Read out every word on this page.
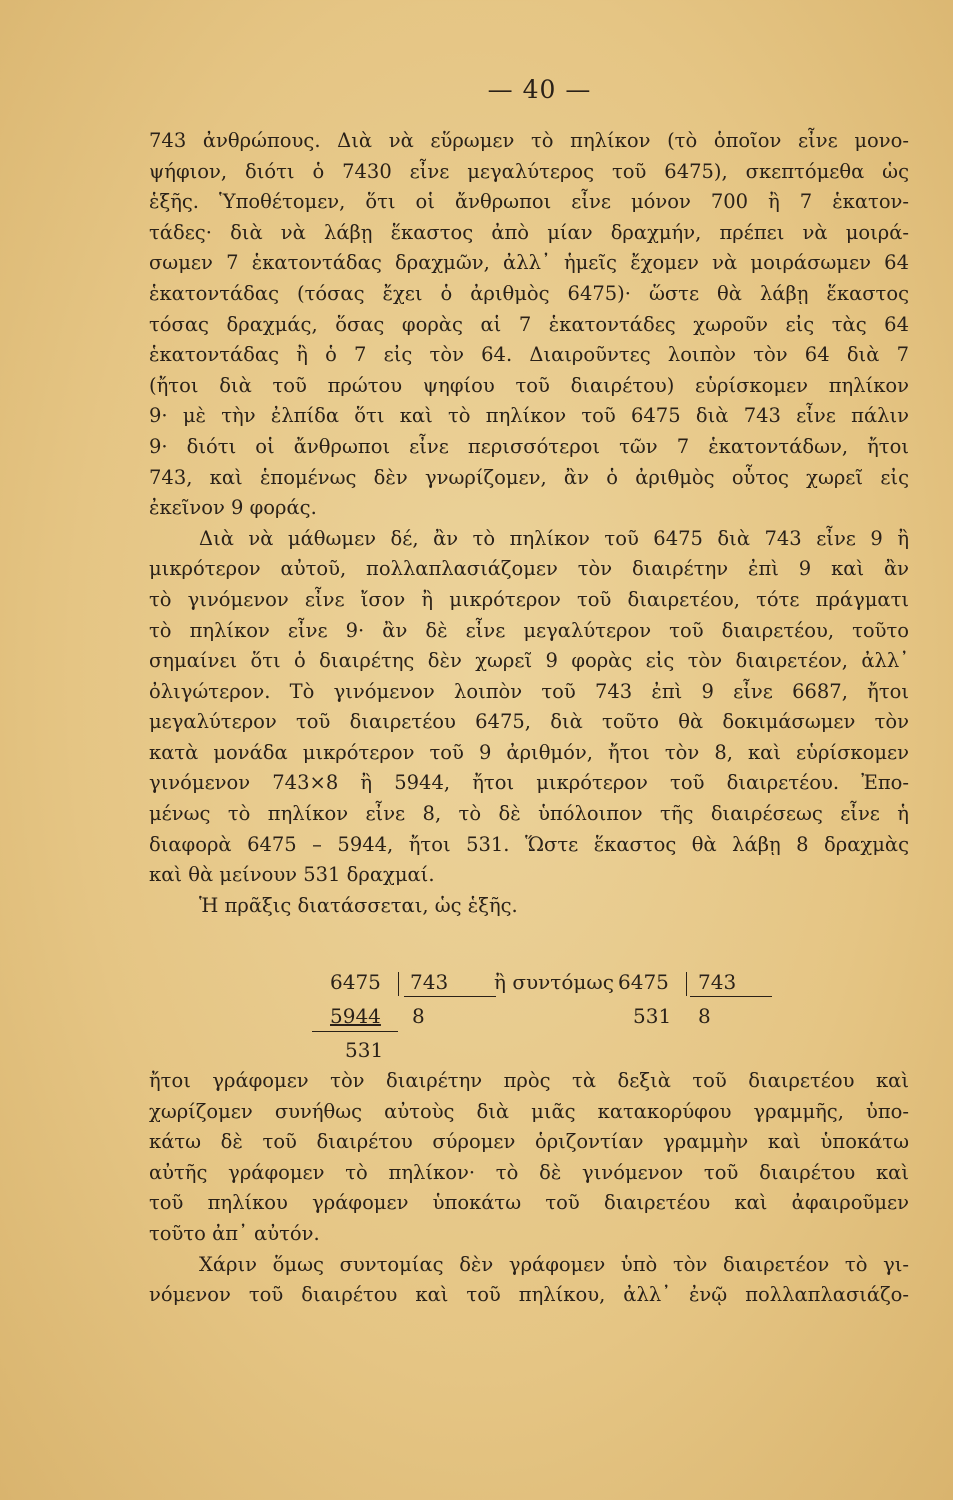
— 40 —
743 ἀνθρώπους. Διὰ νὰ εὕρωμεν τὸ πηλίκον (τὸ ὁποῖον εἶνε μονο-
ψήφιον, διότι ὁ 7430 εἶνε μεγαλύτερος τοῦ 6475), σκεπτόμεθα ὡς
ἑξῆς. Ὑποθέτομεν, ὅτι οἱ ἄνθρωποι εἶνε μόνον 700 ἢ 7 ἑκατον-
τάδες· διὰ νὰ λάβῃ ἕκαστος ἀπὸ μίαν δραχμήν, πρέπει νὰ μοιρά-
σωμεν 7 ἑκατοντάδας δραχμῶν, ἀλλ᾽ ἡμεῖς ἔχομεν νὰ μοιράσωμεν 64
ἑκατοντάδας (τόσας ἔχει ὁ ἀριθμὸς 6475)· ὥστε θὰ λάβῃ ἕκαστος
τόσας δραχμάς, ὅσας φορὰς αἱ 7 ἑκατοντάδες χωροῦν εἰς τὰς 64
ἑκατοντάδας ἢ ὁ 7 εἰς τὸν 64. Διαιροῦντες λοιπὸν τὸν 64 διὰ 7
(ἤτοι διὰ τοῦ πρώτου ψηφίου τοῦ διαιρέτου) εὑρίσκομεν πηλίκον
9· μὲ τὴν ἐλπίδα ὅτι καὶ τὸ πηλίκον τοῦ 6475 διὰ 743 εἶνε πάλιν
9· διότι οἱ ἄνθρωποι εἶνε περισσότεροι τῶν 7 ἑκατοντάδων, ἤτοι
743, καὶ ἑπομένως δὲν γνωρίζομεν, ἂν ὁ ἀριθμὸς οὗτος χωρεῖ εἰς
ἐκεῖνον 9 φοράς.
Διὰ νὰ μάθωμεν δέ, ἂν τὸ πηλίκον τοῦ 6475 διὰ 743 εἶνε 9 ἢ
μικρότερον αὐτοῦ, πολλαπλασιάζομεν τὸν διαιρέτην ἐπὶ 9 καὶ ἂν
τὸ γινόμενον εἶνε ἴσον ἢ μικρότερον τοῦ διαιρετέου, τότε πράγματι
τὸ πηλίκον εἶνε 9· ἂν δὲ εἶνε μεγαλύτερον τοῦ διαιρετέου, τοῦτο
σημαίνει ὅτι ὁ διαιρέτης δὲν χωρεῖ 9 φορὰς εἰς τὸν διαιρετέον, ἀλλ᾽
ὀλιγώτερον. Τὸ γινόμενον λοιπὸν τοῦ 743 ἐπὶ 9 εἶνε 6687, ἤτοι
μεγαλύτερον τοῦ διαιρετέου 6475, διὰ τοῦτο θὰ δοκιμάσωμεν τὸν
κατὰ μονάδα μικρότερον τοῦ 9 ἀριθμόν, ἤτοι τὸν 8, καὶ εὑρίσκομεν
γινόμενον 743×8 ἢ 5944, ἤτοι μικρότερον τοῦ διαιρετέου. Ἐπο-
μένως τὸ πηλίκον εἶνε 8, τὸ δὲ ὑπόλοιπον τῆς διαιρέσεως εἶνε ἡ
διαφορὰ 6475 – 5944, ἤτοι 531. Ὥστε ἕκαστος θὰ λάβῃ 8 δραχμὰς
καὶ θὰ μείνουν 531 δραχμαί.
Ἡ πρᾶξις διατάσσεται, ὡς ἑξῆς.
6475 743 ἢ συντόμως 6475 743
5944 8	531 8
531
ἤτοι γράφομεν τὸν διαιρέτην πρὸς τὰ δεξιὰ τοῦ διαιρετέου καὶ
χωρίζομεν συνήθως αὐτοὺς διὰ μιᾶς κατακορύφου γραμμῆς, ὑπο-
κάτω δὲ τοῦ διαιρέτου σύρομεν ὁριζοντίαν γραμμὴν καὶ ὑποκάτω
αὐτῆς γράφομεν τὸ πηλίκον· τὸ δὲ γινόμενον τοῦ διαιρέτου καὶ
τοῦ πηλίκου γράφομεν ὑποκάτω τοῦ διαιρετέου καὶ ἀφαιροῦμεν
τοῦτο ἀπ᾽ αὐτόν.
Χάριν ὅμως συντομίας δὲν γράφομεν ὑπὸ τὸν διαιρετέον τὸ γι-
νόμενον τοῦ διαιρέτου καὶ τοῦ πηλίκου, ἀλλ᾽ ἐνῷ πολλαπλασιάζο-
